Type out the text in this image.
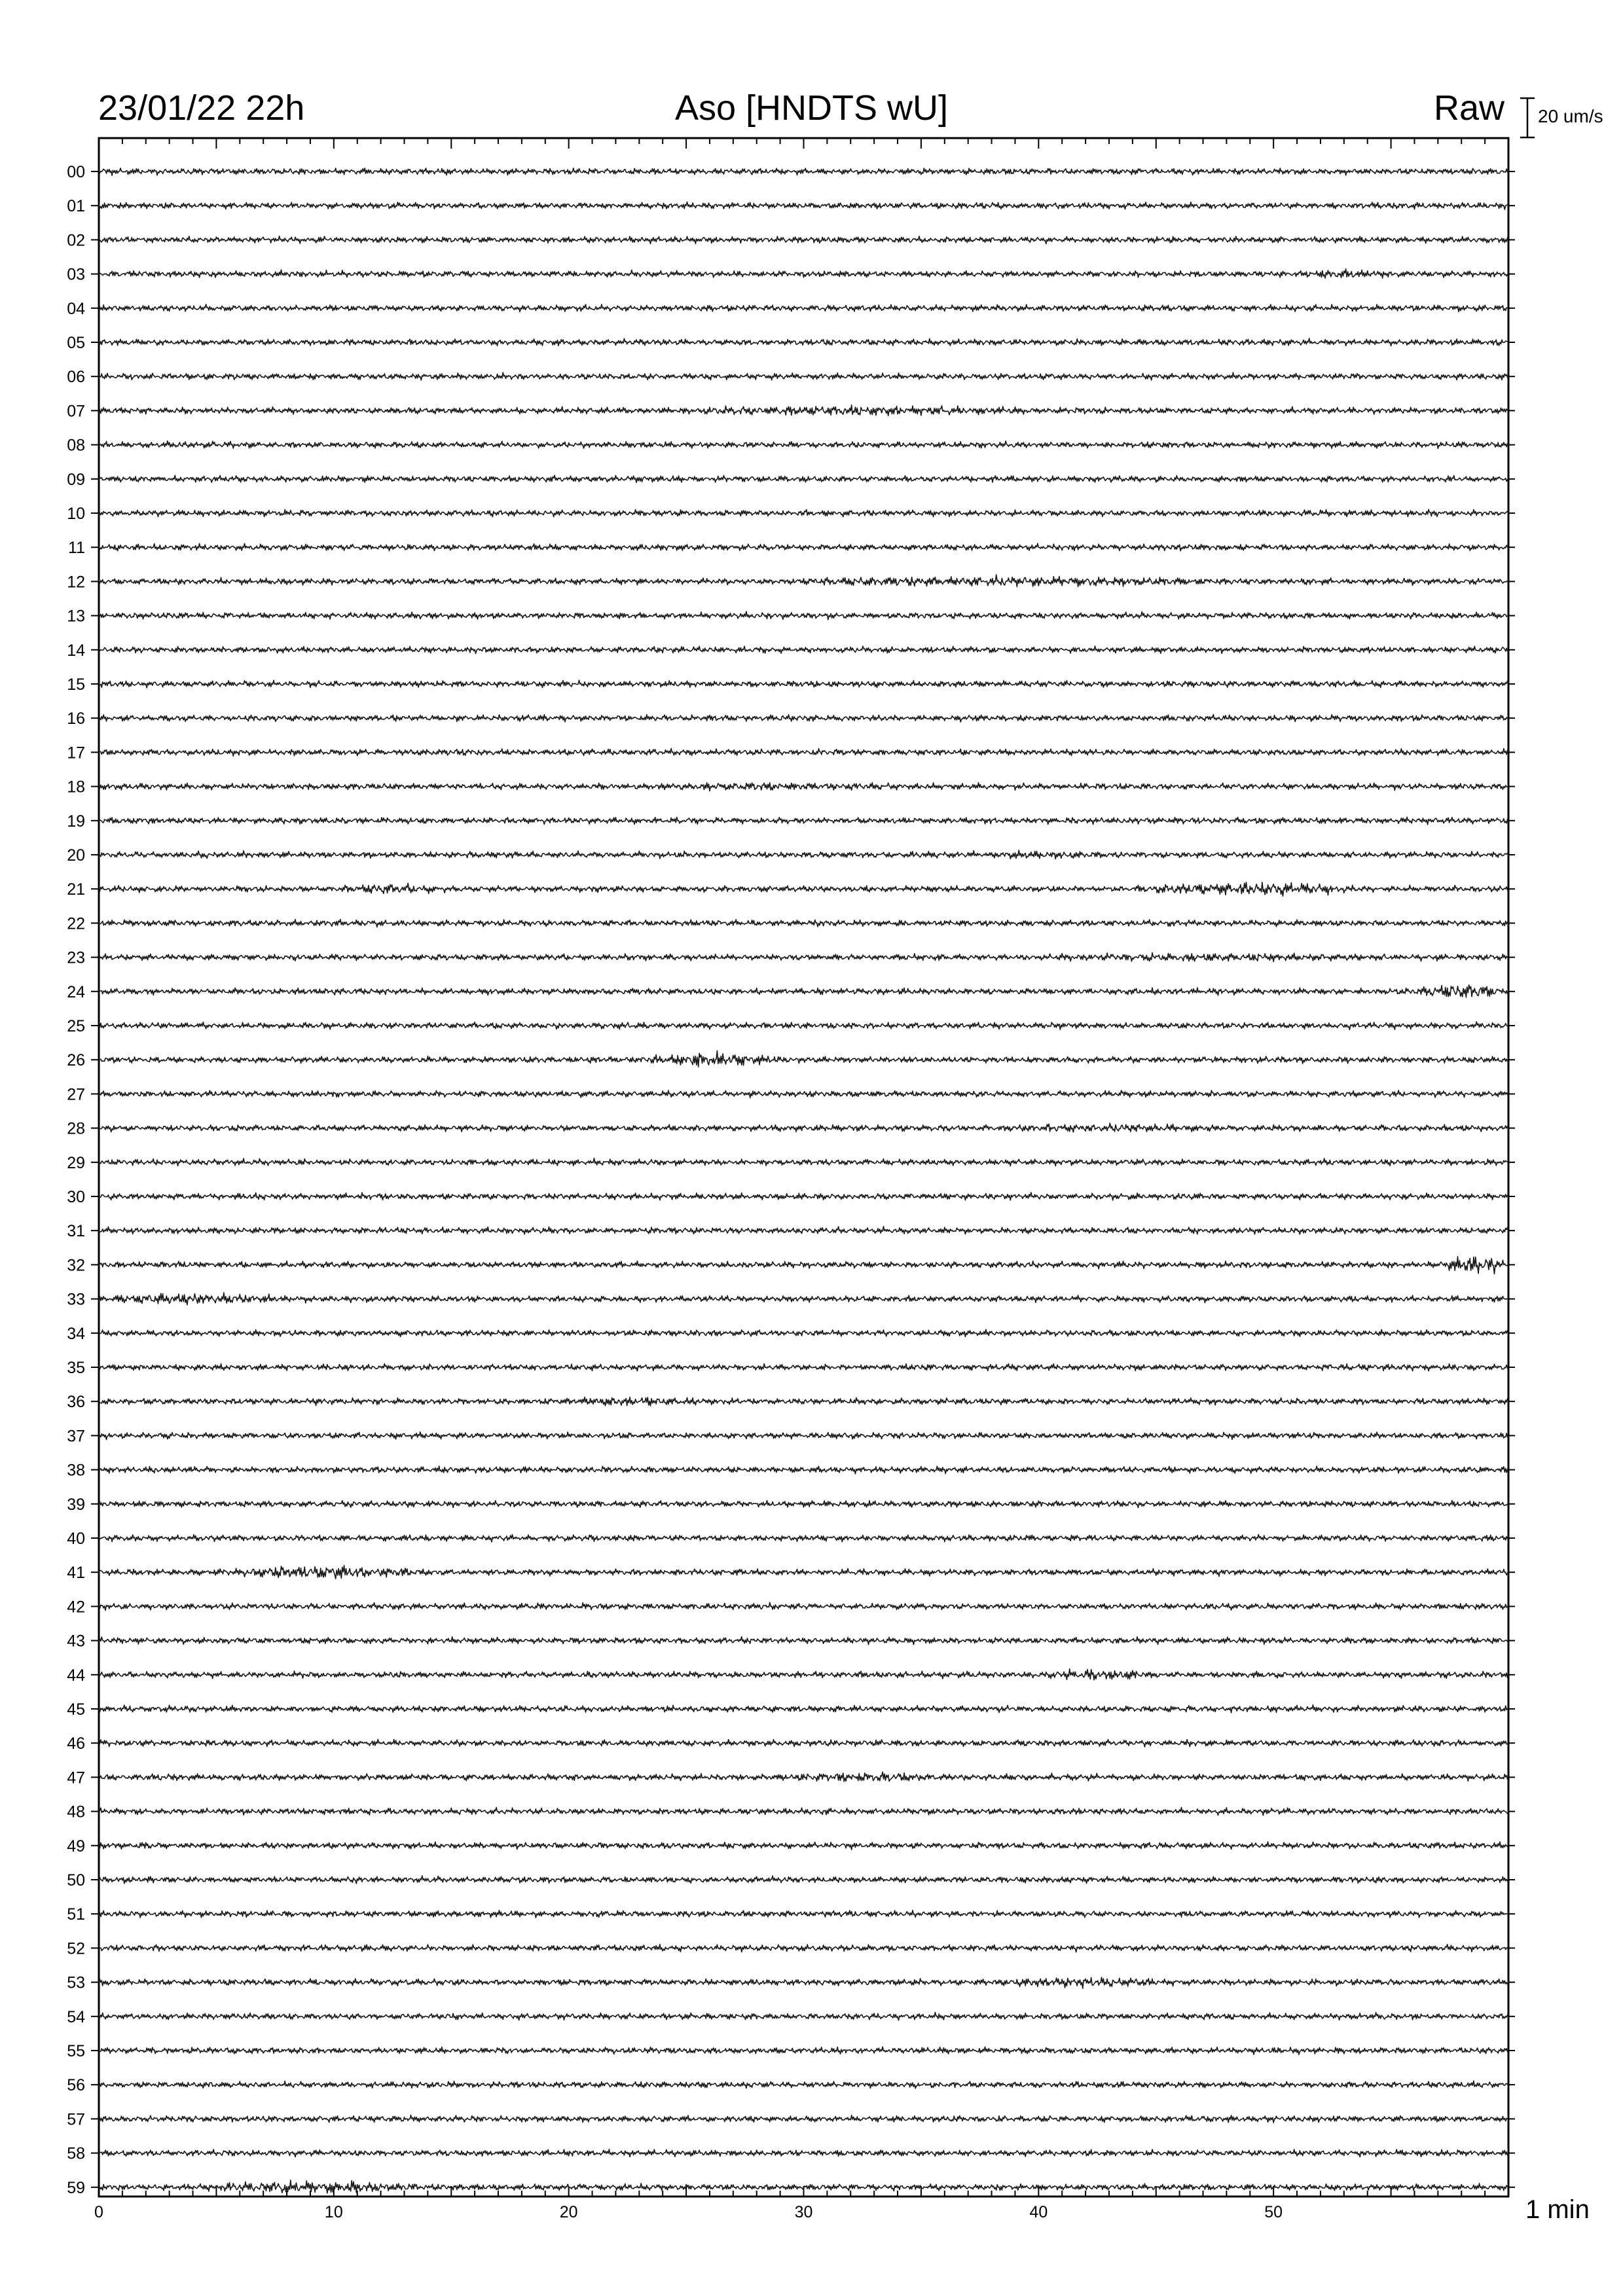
00
01
02
03
04
05
06
07
08
09
10
11
12
13
14
15
16
17
18
19
20
21
22
23
24
25
26
27
28
29
30
31
32
33
34
35
36
37
38
39
40
41
42
43
44
45
46
47
48
49
50
51
52
53
54
55
56
57
58
59
0	10	20	30	40	50
23/01/22 22h	Aso [HNDTS wU]	Raw 20 um/s
1 min
